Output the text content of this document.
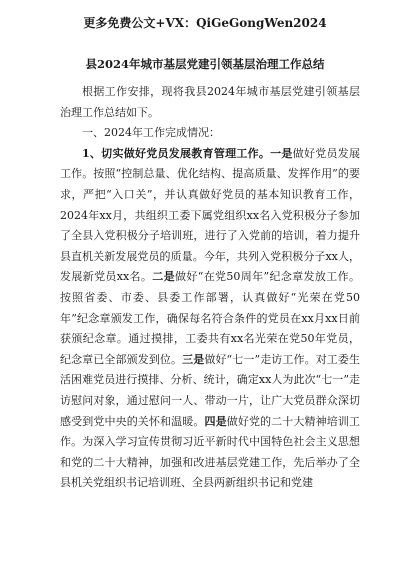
更多免费公文+VX：QiGeGongWen2024
县2024年城市基层党建引领基层治理工作总结

根据工作安排，现将我县2024年城市基层党建引领基层治理工作总结如下。

一、2024年工作完成情况：

1、切实做好党员发展教育管理工作。一是做好党员发展工作。按照“控制总量、优化结构、提高质量、发挥作用”的要求，严把“入口关”，并认真做好党员的基本知识教育工作，2024年xx月，共组织工委下属党组织xx名入党积极分子参加了全县入党积极分子培训班，进行了入党前的培训，着力提升县直机关新发展党员的质量。今年，共列入党积极分子xx人，发展新党员xx名。二是做好“在党50周年”纪念章发放工作。按照省委、市委、县委工作部署，认真做好“光荣在党50年”纪念章颁发工作，确保每名符合条件的党员在xx月xx日前获颁纪念章。通过摸排，工委共有xx名光荣在党50年党员，纪念章已全部颁发到位。三是做好“七一”走访工作。对工委生活困难党员进行摸排、分析、统计，确定xx人为此次“七一”走访慰问对象，通过慰问一人、带动一片，让广大党员群众深切感受到党中央的关怀和温暖。四是做好党的二十大精神培训工作。为深入学习宣传贯彻习近平新时代中国特色社会主义思想和党的二十大精神，加强和改进基层党建工作，先后举办了全县机关党组织书记培训班、全县两新组织书记和党建
